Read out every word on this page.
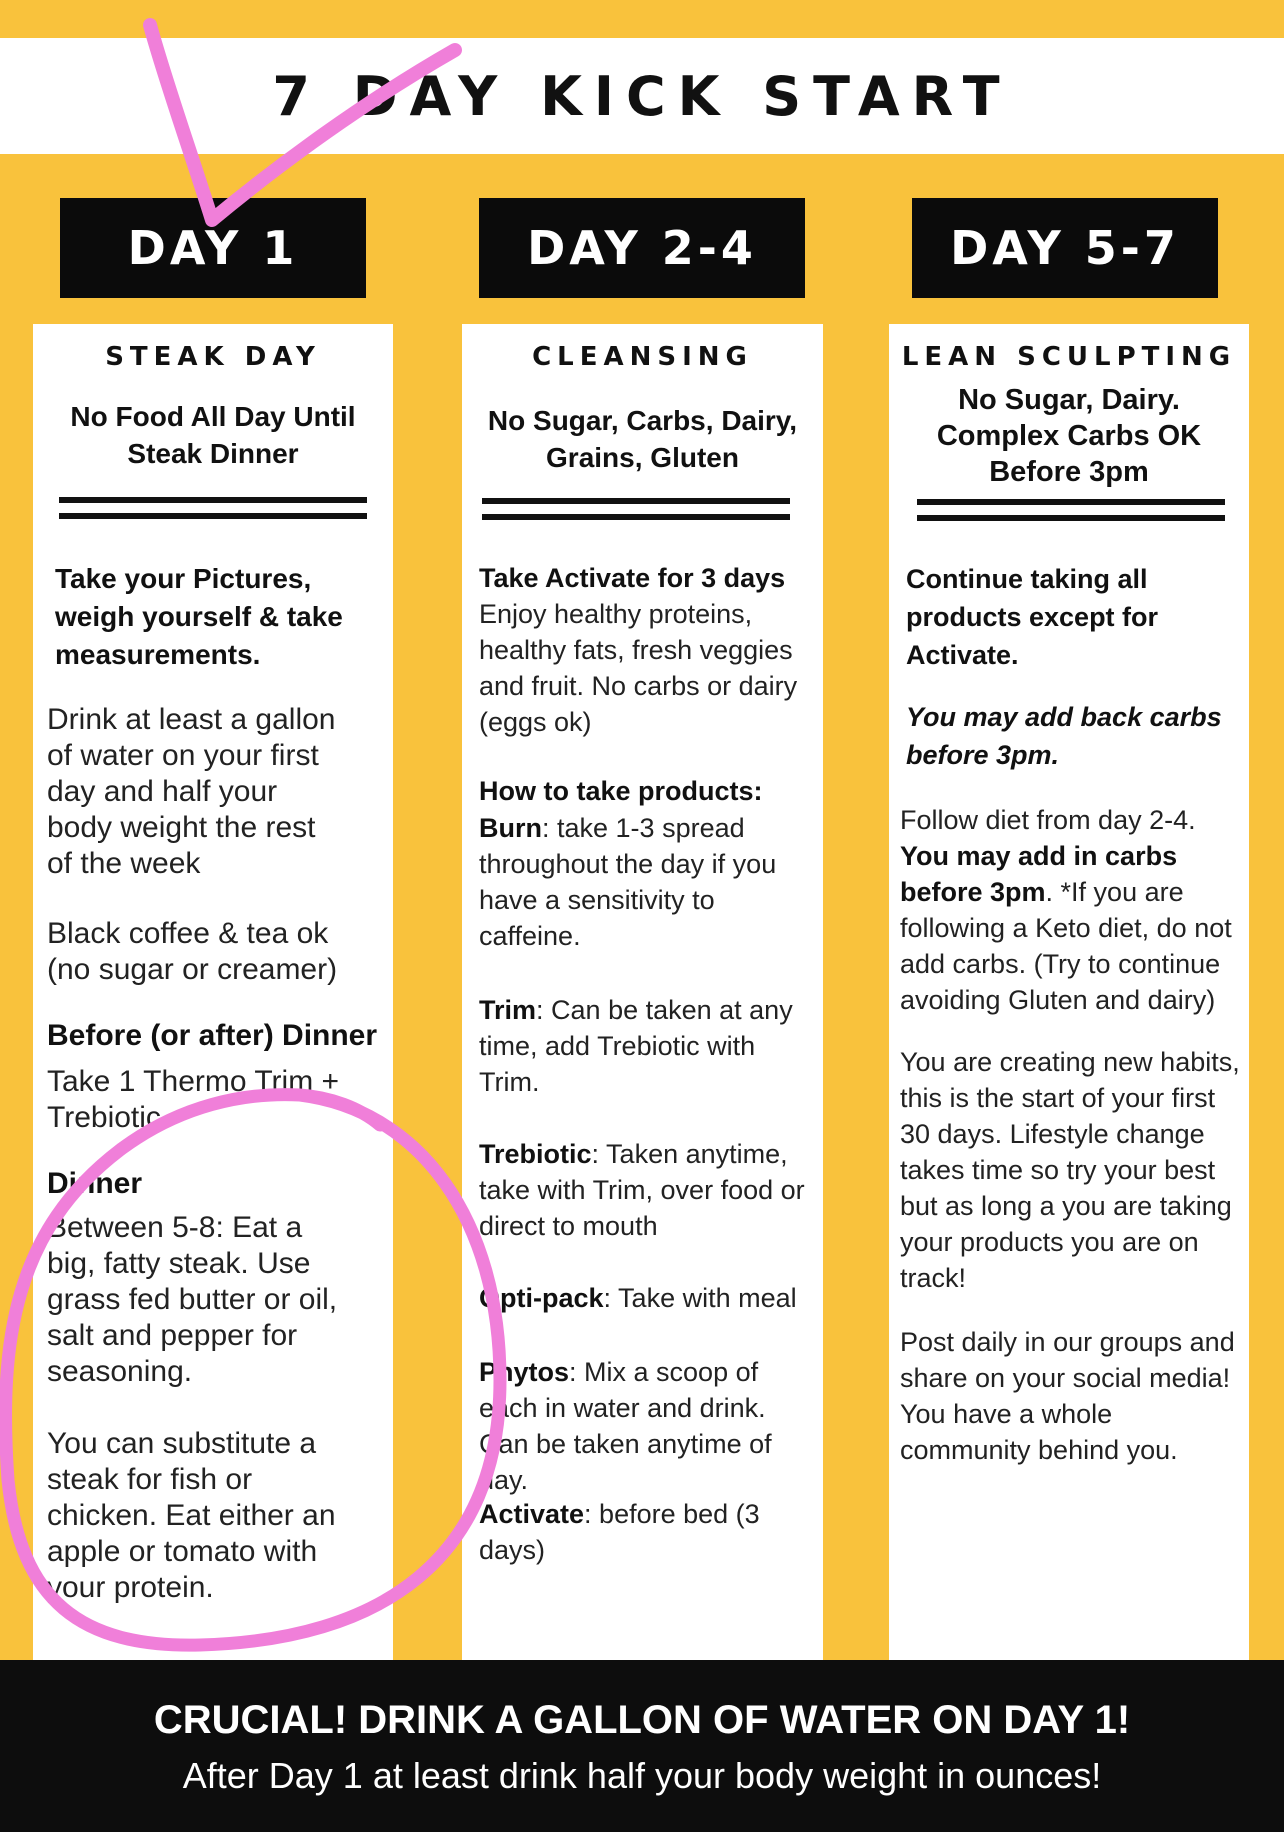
7 DAY KICK START
DAY 1	DAY 2-4	DAY 5-7
STEAK DAY
No Food All Day Until
Steak Dinner
Take your Pictures, weigh yourself & take measurements.
Drink at least a gallon of water on your first day and half your body weight the rest of the week
Black coffee & tea ok (no sugar or creamer)
Before (or after) Dinner
Take 1 Thermo Trim + Trebiotic
Dinner
Between 5-8: Eat a big, fatty steak. Use grass fed butter or oil, salt and pepper for seasoning.
You can substitute a steak for fish or chicken. Eat either an apple or tomato with your protein.
CLEANSING
No Sugar, Carbs, Dairy,
Grains, Gluten

Take Activate for 3 days

Enjoy healthy proteins, healthy fats, fresh veggies and fruit. No carbs or dairy (eggs ok)

How to take products:

Burn: take 1-3 spread throughout the day if you have a sensitivity to caffeine.

Trim: Can be taken at any time, add Trebiotic with Trim.
Trebiotic: Taken anytime, take with Trim, over food or direct to mouth
Opti-pack: Take with meal
Phytos: Mix a scoop of each in water and drink. Can be taken anytime of day.
Activate: before bed (3 days)
LEAN SCULPTING
No Sugar, Dairy.
Complex Carbs OK
Before 3pm
Continue taking all products except for Activate.
You may add back carbs before 3pm.

Follow diet from day 2-4.

You may add in carbs before 3pm. *If you are following a Keto diet, do not add carbs. (Try to continue avoiding Gluten and dairy)

You are creating new habits, this is the start of your first 30 days. Lifestyle change takes time so try your best but as long a you are taking your products you are on track!
Post daily in our groups and share on your social media! You have a whole community behind you.
CRUCIAL! DRINK A GALLON OF WATER ON DAY 1!
After Day 1 at least drink half your body weight in ounces!
